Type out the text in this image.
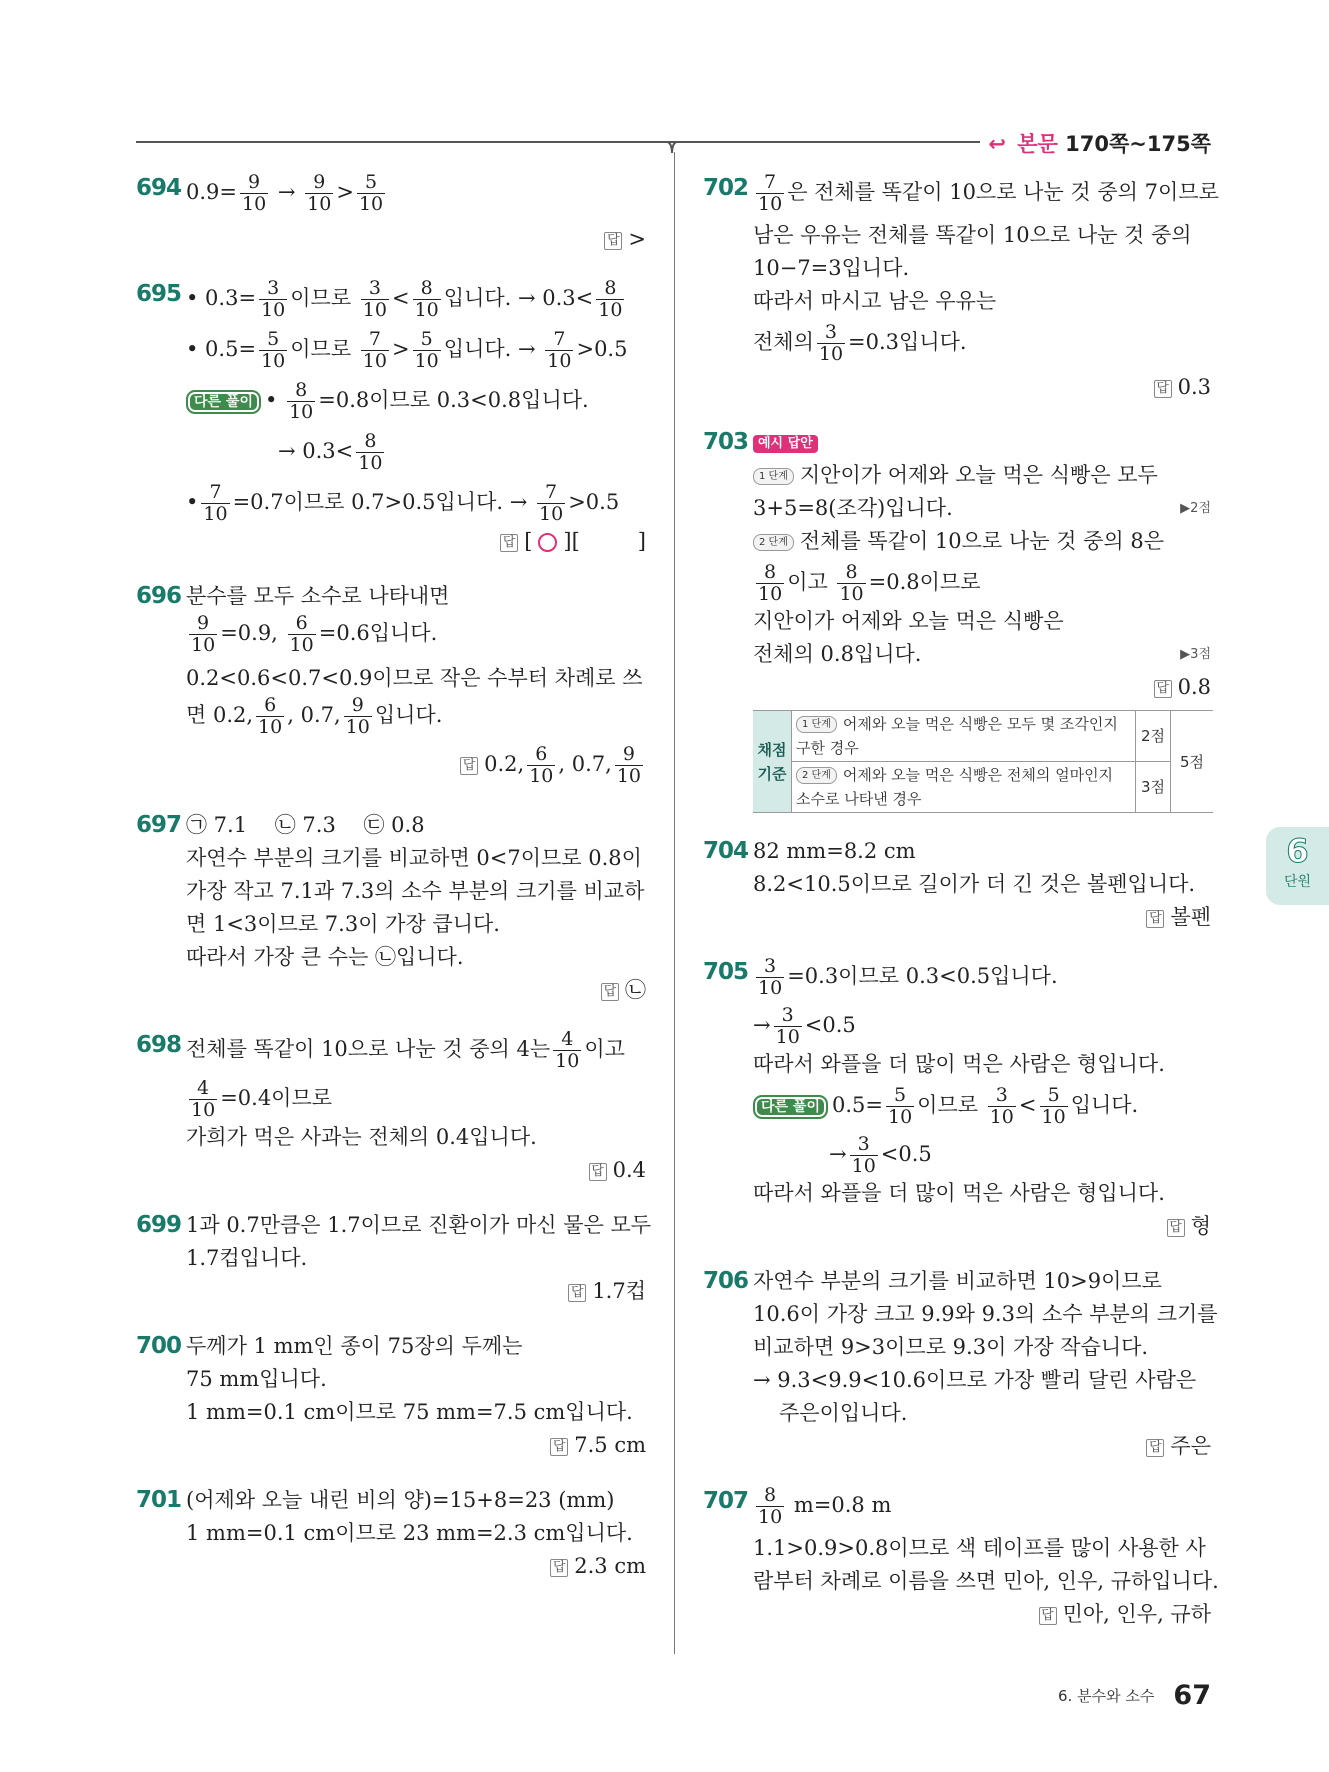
↩ 본문 170쪽~175쪽
694 $0.9= \frac{9}{10} \to \frac{9}{10} > \frac{5}{10}$
답 >
695 • $0.3= \frac{3}{10}$ 이므로 $\frac{3}{10} < \frac{8}{10}$ 입니다. → $0.3< \frac{8}{10}$
• $0.5= \frac{5}{10}$ 이므로 $\frac{7}{10} > \frac{5}{10}$ 입니다. → $\frac{7}{10} >0.5$
다른 풀이 • $\frac{8}{10} =0.8$이므로 0.3<0.8입니다.
→ $0.3< \frac{8}{10}$
• $\frac{7}{10} =0.7$이므로 0.7>0.5입니다. → $\frac{7}{10} >0.5$
답 [ ○ ][	]
696 분수를 모두 소수로 나타내면
$\frac{9}{10} =0.9$, $\frac{6}{10} =0.6$입니다.
0.2<0.6<0.7<0.9이므로 작은 수부터 차례로 쓰
면 0.2, $\frac{6}{10}$ , 0.7, $\frac{9}{10}$ 입니다.
답 0.2, $\frac{6}{10}$ , 0.7, $\frac{9}{10}$
697 ㉠ 7.1 　㉡ 7.3 　㉢ 0.8
자연수 부분의 크기를 비교하면 0<7이므로 0.8이
가장 작고 7.1과 7.3의 소수 부분의 크기를 비교하
면 1<3이므로 7.3이 가장 큽니다.
따라서 가장 큰 수는 ㉡입니다.
답 ㉡
698 전체를 똑같이 10으로 나눈 것 중의 4는 $\frac{4}{10}$ 이고
$\frac{4}{10} =0.4$이므로
가희가 먹은 사과는 전체의 0.4입니다.
답 0.4
699 1과 0.7만큼은 1.7이므로 진환이가 마신 물은 모두
1.7컵입니다.
답 1.7컵
700 두께가 1 mm인 종이 75장의 두께는
75 mm입니다.
1 mm=0.1 cm이므로 75 mm=7.5 cm입니다.
답 7.5 cm
701 (어제와 오늘 내린 비의 양)=15+8=23 (mm)
1 mm=0.1 cm이므로 23 mm=2.3 cm입니다.
답 2.3 cm
$702 \frac{7}{10}$ 은 전체를 똑같이 10으로 나눈 것 중의 7이므로
남은 우유는 전체를 똑같이 10으로 나눈 것 중의
10−7=3입니다.
따라서 마시고 남은 우유는
전체의 $\frac{3}{10} =0.3$입니다.
답 0.3
703 예시 답안
1 단계 지안이가 어제와 오늘 먹은 식빵은 모두
3+5=8(조각)입니다.	▶2점
2 단계 전체를 똑같이 10으로 나눈 것 중의 8은
$\frac{8}{10}$ 이고 $\frac{8}{10} =0.8$이므로
지안이가 어제와 오늘 먹은 식빵은
전체의 0.8입니다.	▶3점
답 0.8
채점 기준	1 단계 어제와 오늘 먹은 식빵은 모두 몇 조각인지 구한 경우	2점	5점
	2 단계 어제와 오늘 먹은 식빵은 전체의 얼마인지 소수로 나타낸 경우	3점	
704 82 mm=8.2 cm
8.2<10.5이므로 길이가 더 긴 것은 볼펜입니다.
답 볼펜
$705 \frac{3}{10} =0.3$이므로 0.3<0.5입니다.
→ $\frac{3}{10} <0.5$
따라서 와플을 더 많이 먹은 사람은 형입니다.
다른 풀이 $0.5= \frac{5}{10}$ 이므로 $\frac{3}{10} < \frac{5}{10}$ 입니다.
→ $\frac{3}{10} <0.5$
따라서 와플을 더 많이 먹은 사람은 형입니다.
답 형
706 자연수 부분의 크기를 비교하면 10>9이므로
10.6이 가장 크고 9.9와 9.3의 소수 부분의 크기를
비교하면 9>3이므로 9.3이 가장 작습니다.
→ 9.3<9.9<10.6이므로 가장 빨리 달린 사람은
주은이입니다.
답 주은
$707 \frac{8}{10} m=0.8$ m
1.1>0.9>0.8이므로 색 테이프를 많이 사용한 사
람부터 차례로 이름을 쓰면 민아, 인우, 규하입니다.
답 민아, 인우, 규하
6
단원
6. 분수와 소수 67
